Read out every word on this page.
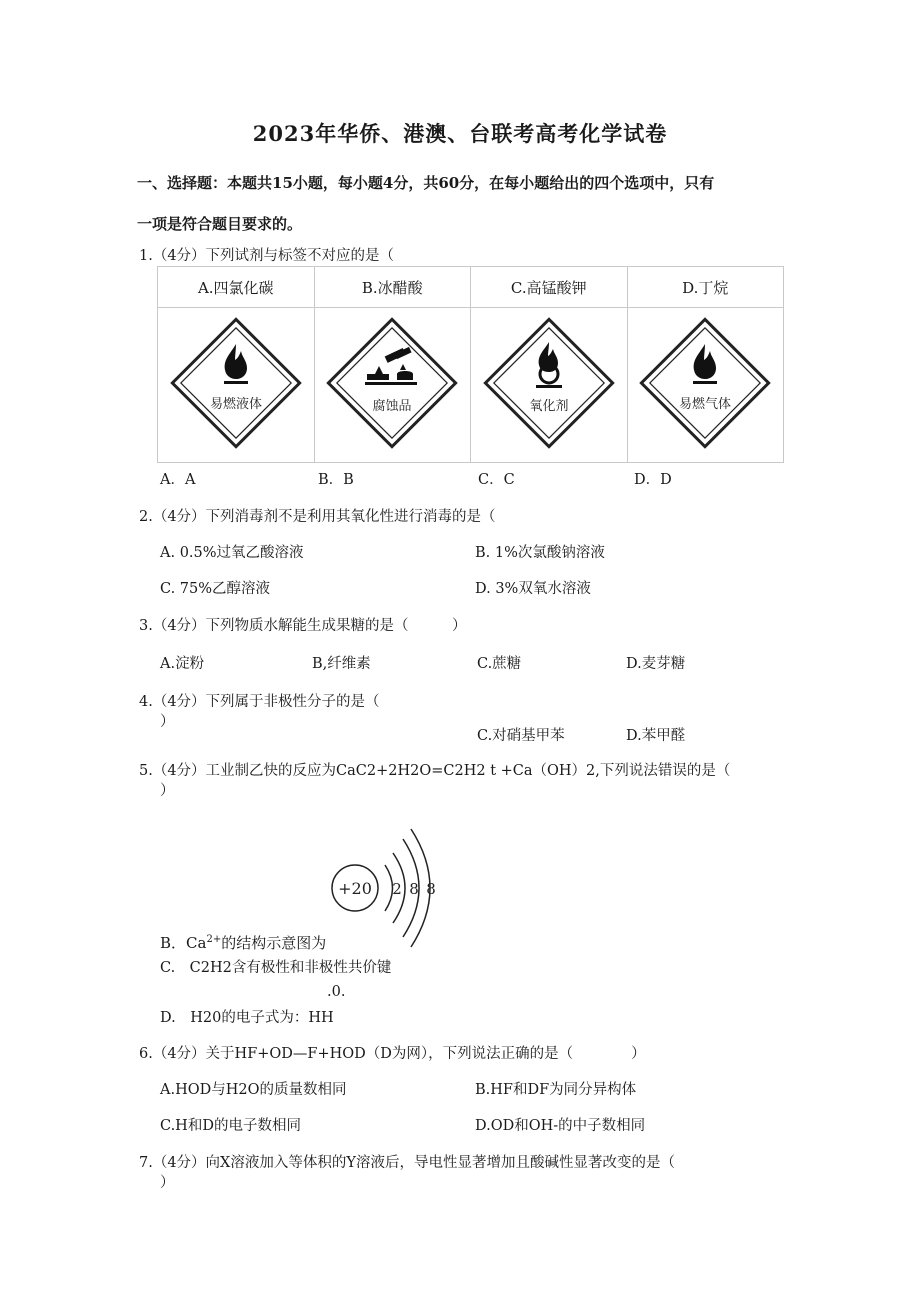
2023年华侨、港澳、台联考高考化学试卷
一、选择题：本题共15小题，每小题4分，共60分，在每小题给出的四个选项中，只有
一项是符合题目要求的。
1.（4分）下列试剂与标签不对应的是（
A.四氯化碳	B.冰醋酸	C.高锰酸钾	D.丁烷

易燃液体	腐蚀品	氧化剂	易燃气体
A．A	B．B	C．C	D．D
2.（4分）下列消毒剂不是利用其氧化性进行消毒的是（
A. 0.5%过氧乙酸溶液	B. 1%次氯酸钠溶液
C. 75%乙醇溶液	D. 3%双氧水溶液
3.（4分）下列物质水解能生成果糖的是（　　　）
A.淀粉	B,纤维素	C.蔗糖	D.麦芽糖
4.（4分）下列属于非极性分子的是（
）
C.对硝基甲苯	D.苯甲醛
5.（4分）工业制乙快的反应为CaC2+2H2O=C2H2 t +Ca（OH）2,下列说法错误的是（
）
+20 2 8 8
B．$Ca^{2+}$的结构示意图为
C.　C2H2含有极性和非极性共价键
.0.
D.　H20的电子式为：HH
6.（4分）关于HF+OD—F+HOD（D为网），下列说法正确的是（　　　　）
A.HOD与H2O的质量数相同	B.HF和DF为同分异构体
C.H和D的电子数相同	D.OD和OH-的中子数相同
7.（4分）向X溶液加入等体积的Y溶液后，导电性显著增加且酸碱性显著改变的是（
）
